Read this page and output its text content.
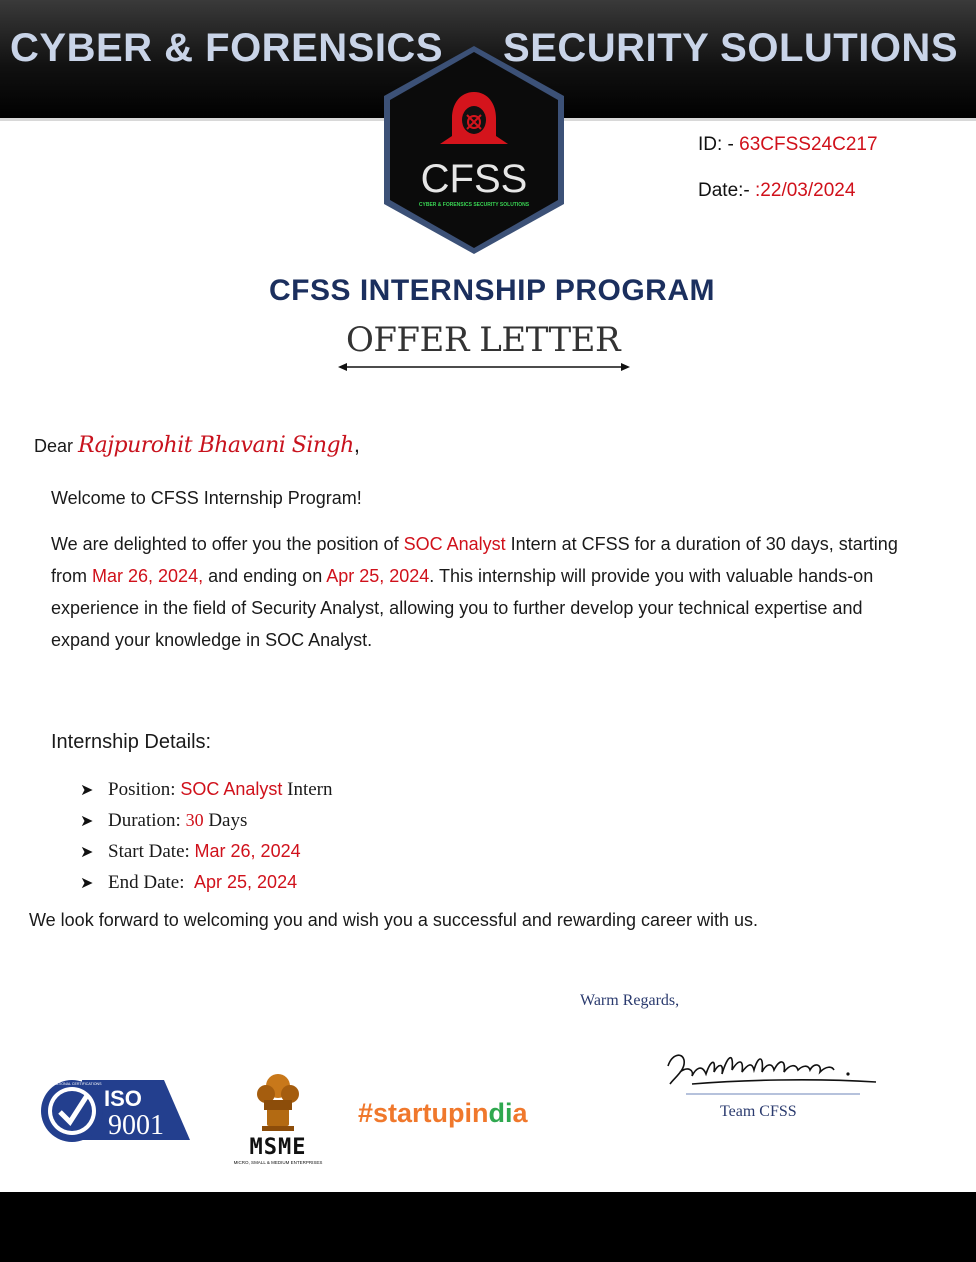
CYBER & FORENSICS SECURITY SOLUTIONS
CFSS
CYBER & FORENSICS SECURITY SOLUTIONS
ID: - 63CFSS24C217
Date:- :22/03/2024
CFSS INTERNSHIP PROGRAM
OFFER LETTER
Dear Rajpurohit Bhavani Singh,
Welcome to CFSS Internship Program!
We are delighted to offer you the position of SOC Analyst Intern at CFSS for a duration of 30 days, starting from Mar 26, 2024, and ending on Apr 25, 2024. This internship will provide you with valuable hands-on experience in the field of Security Analyst, allowing you to further develop your technical expertise and expand your knowledge in SOC Analyst.
Internship Details:
➤ Position: SOC Analyst Intern
➤ Duration: 30 Days
➤ Start Date: Mar 26, 2024
➤ End Date:  Apr 25, 2024
We look forward to welcoming you and wish you a successful and rewarding career with us.
Warm Regards,
Team CFSS
ISO
9001
INTERNATIONAL CERTIFICATIONS
MSME
MICRO, SMALL & MEDIUM ENTERPRISES
#startupindia
